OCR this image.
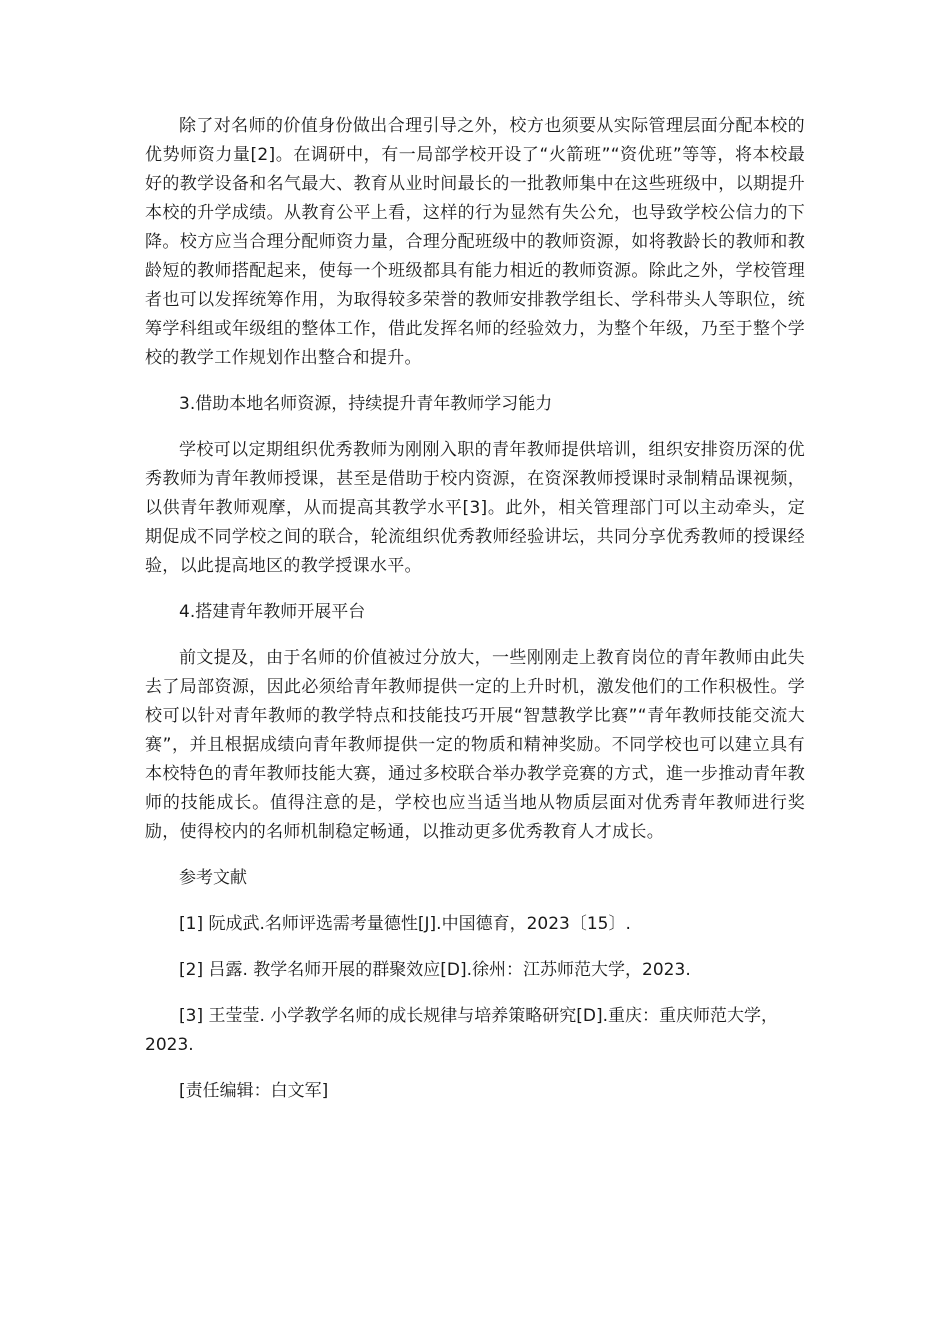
除了对名师的价值身份做出合理引导之外，校方也须要从实际管理层面分配本校的优势师资力量[2]。在调研中，有一局部学校开设了“火箭班”“资优班”等等，将本校最好的教学设备和名气最大、教育从业时间最长的一批教师集中在这些班级中，以期提升本校的升学成绩。从教育公平上看，这样的行为显然有失公允，也导致学校公信力的下降。校方应当合理分配师资力量，合理分配班级中的教师资源，如将教龄长的教师和教龄短的教师搭配起来，使每一个班级都具有能力相近的教师资源。除此之外，学校管理者也可以发挥统筹作用，为取得较多荣誉的教师安排教学组长、学科带头人等职位，统筹学科组或年级组的整体工作，借此发挥名师的经验效力，为整个年级，乃至于整个学校的教学工作规划作出整合和提升。

3.借助本地名师资源，持续提升青年教师学习能力

学校可以定期组织优秀教师为刚刚入职的青年教师提供培训，组织安排资历深的优秀教师为青年教师授课，甚至是借助于校内资源，在资深教师授课时录制精品课视频，以供青年教师观摩，从而提高其教学水平[3]。此外，相关管理部门可以主动牵头，定期促成不同学校之间的联合，轮流组织优秀教师经验讲坛，共同分享优秀教师的授课经验，以此提高地区的教学授课水平。

4.搭建青年教师开展平台

前文提及，由于名师的价值被过分放大，一些刚刚走上教育岗位的青年教师由此失去了局部资源，因此必须给青年教师提供一定的上升时机，激发他们的工作积极性。学校可以针对青年教师的教学特点和技能技巧开展“智慧教学比赛”“青年教师技能交流大赛”，并且根据成绩向青年教师提供一定的物质和精神奖励。不同学校也可以建立具有本校特色的青年教师技能大赛，通过多校联合举办教学竞赛的方式，進一步推动青年教师的技能成长。值得注意的是，学校也应当适当地从物质层面对优秀青年教师进行奖励，使得校内的名师机制稳定畅通，以推动更多优秀教育人才成长。

参考文献

[1] 阮成武.名师评选需考量德性[J].中国德育，2023〔15〕.

[2] 吕露. 教学名师开展的群聚效应[D].徐州：江苏师范大学，2023.

[3] 王莹莹. 小学教学名师的成长规律与培养策略研究[D].重庆：重庆师范大学，2023.

[责任编辑：白文军]
